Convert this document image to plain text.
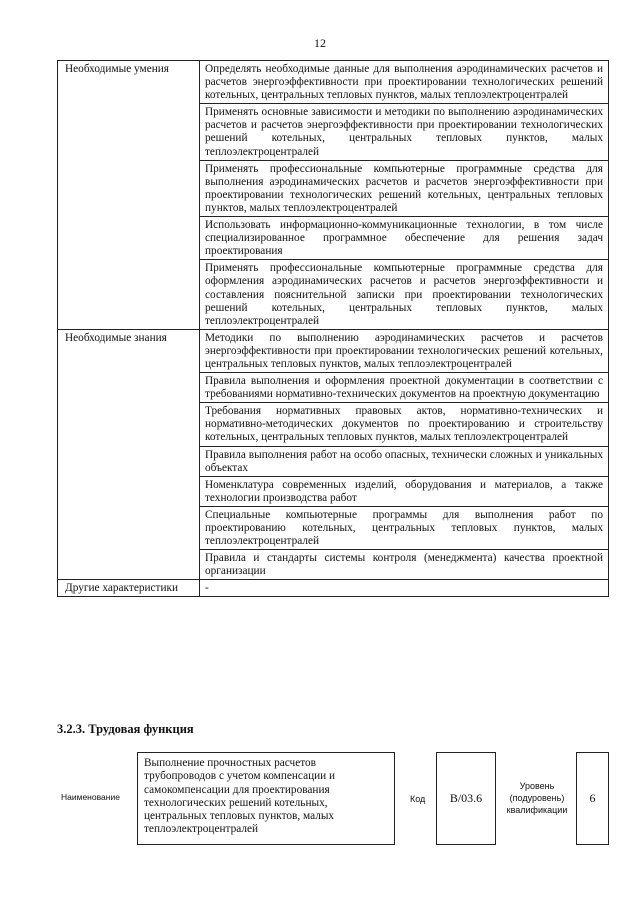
12
Необходимые умения	Определять необходимые данные для выполнения аэродинамических расчетов и расчетов энергоэффективности при проектировании технологических решений котельных, центральных тепловых пунктов, малых теплоэлектроцентралей
	Применять основные зависимости и методики по выполнению аэродинамических расчетов и расчетов энергоэффективности при проектировании технологических решений котельных, центральных тепловых пунктов, малых теплоэлектроцентралей
	Применять профессиональные компьютерные программные средства для выполнения аэродинамических расчетов и расчетов энергоэффективности при проектировании технологических решений котельных, центральных тепловых пунктов, малых теплоэлектроцентралей
	Использовать информационно-коммуникационные технологии, в том числе специализированное программное обеспечение для решения задач проектирования
	Применять профессиональные компьютерные программные средства для оформления аэродинамических расчетов и расчетов энергоэффективности и составления пояснительной записки при проектировании технологических решений котельных, центральных тепловых пунктов, малых теплоэлектроцентралей
Необходимые знания	Методики по выполнению аэродинамических расчетов и расчетов энергоэффективности при проектировании технологических решений котельных, центральных тепловых пунктов, малых теплоэлектроцентралей
	Правила выполнения и оформления проектной документации в соответствии с требованиями нормативно-технических документов на проектную документацию
	Требования нормативных правовых актов, нормативно-технических и нормативно-методических документов по проектированию и строительству котельных, центральных тепловых пунктов, малых теплоэлектроцентралей
	Правила выполнения работ на особо опасных, технически сложных и уникальных объектах
	Номенклатура современных изделий, оборудования и материалов, а также технологии производства работ
	Специальные компьютерные программы для выполнения работ по проектированию котельных, центральных тепловых пунктов, малых теплоэлектроцентралей
	Правила и стандарты системы контроля (менеджмента) качества проектной организации
Другие характеристики	-
3.2.3. Трудовая функция
Наименование
Выполнение прочностных расчетов трубопроводов с учетом компенсации и самокомпенсации для проектирования технологических решений котельных, центральных тепловых пунктов, малых теплоэлектроцентралей
Код	B/03.6
Уровень (подуровень) квалификации
6
